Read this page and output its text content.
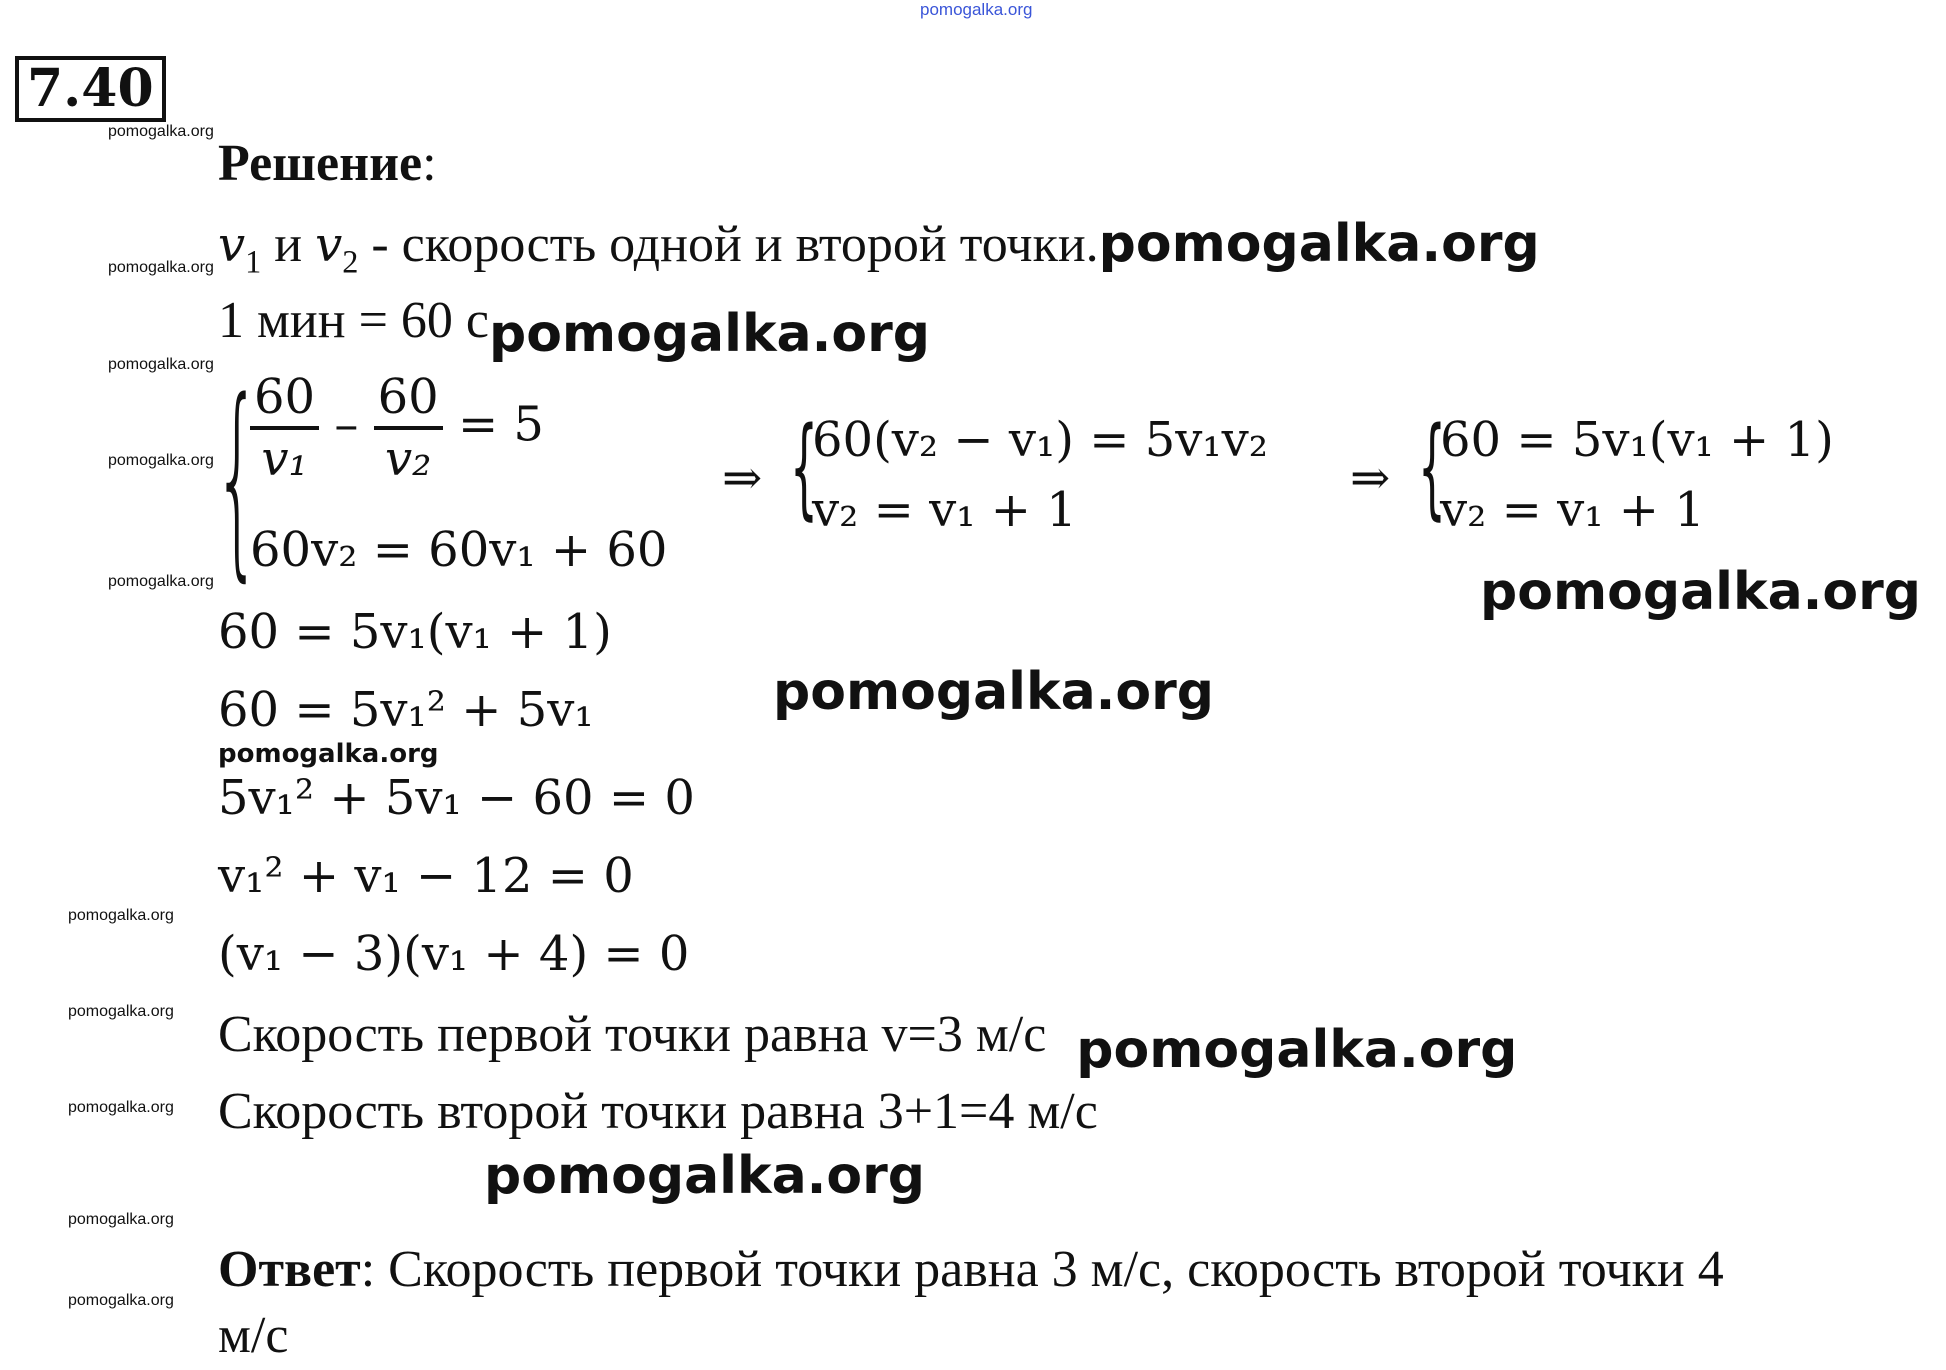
pomogalka.org
7.40
pomogalka.org
pomogalka.org
pomogalka.org
pomogalka.org
pomogalka.org
pomogalka.org
pomogalka.org
pomogalka.org
pomogalka.org
pomogalka.org
Решение:
$v_1$ и $v_2$ - скорость одной и второй точки.pomogalka.org
1 мин = 60 сpomogalka.org
{
$\frac{60}{\text{v₁}} - \frac{60}{\text{v₂}} = 5$
60v₂ = 60v₁ + 60
⇒ {
60(v₂ − v₁) = 5v₁v₂
v₂ = v₁ + 1
⇒ {
60 = 5v₁(v₁ + 1)
v₂ = v₁ + 1
pomogalka.org
60 = 5v₁(v₁ + 1)
60 = 5v₁² + 5v₁	pomogalka.org
pomogalka.org
5v₁² + 5v₁ − 60 = 0
v₁² + v₁ − 12 = 0
(v₁ − 3)(v₁ + 4) = 0
Скорость первой точки равна v=3 м/с pomogalka.org
Скорость второй точки равна 3+1=4 м/с
pomogalka.org
Ответ: Скорость первой точки равна 3 м/с, скорость второй точки 4
м/с
